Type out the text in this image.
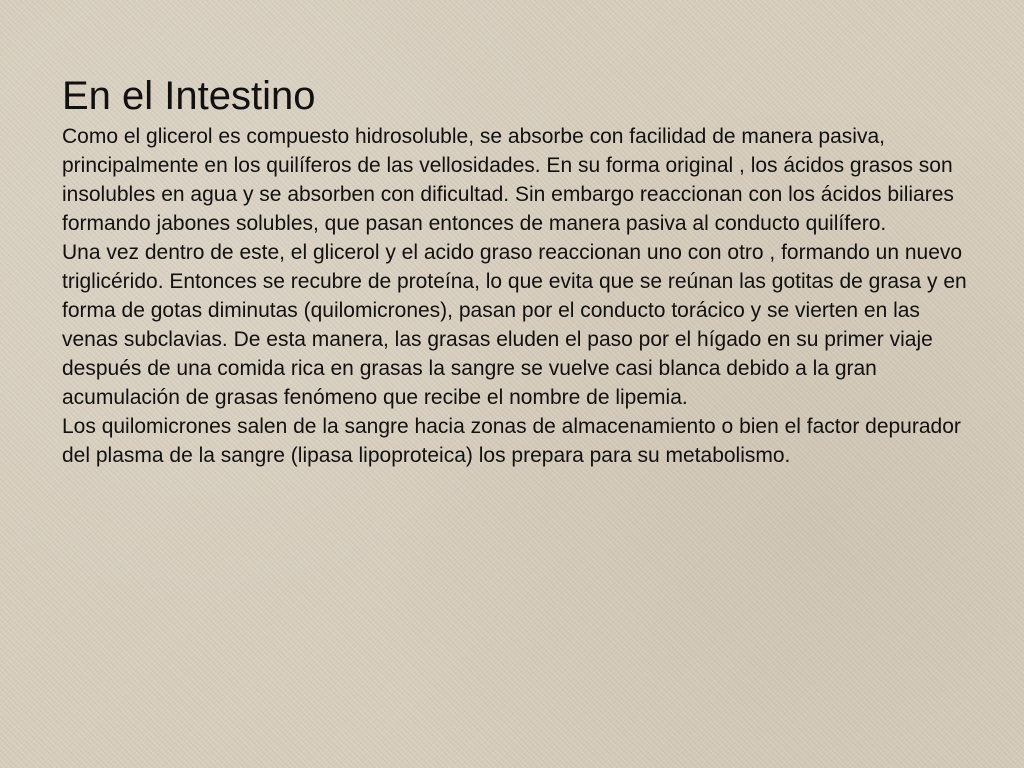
En el Intestino

Como el glicerol es compuesto hidrosoluble, se absorbe con facilidad de manera pasiva, principalmente en los quilíferos de las vellosidades. En su forma original , los ácidos grasos son insolubles en agua y se absorben con dificultad. Sin embargo reaccionan con los ácidos biliares formando jabones solubles, que pasan entonces de manera pasiva al conducto quilífero.

Una vez dentro de este, el glicerol y el acido graso reaccionan uno con otro , formando un nuevo triglicérido. Entonces se recubre de proteína, lo que evita que se reúnan las gotitas de grasa y en forma de gotas diminutas (quilomicrones), pasan por el conducto torácico y se vierten en las venas subclavias. De esta manera, las grasas eluden el paso por el hígado en su primer viaje después de una comida rica en grasas la sangre se vuelve casi blanca debido a la gran acumulación de grasas fenómeno que recibe el nombre de lipemia.

Los quilomicrones salen de la sangre hacia zonas de almacenamiento o bien el factor depurador del plasma de la sangre (lipasa lipoproteica) los prepara para su metabolismo.
